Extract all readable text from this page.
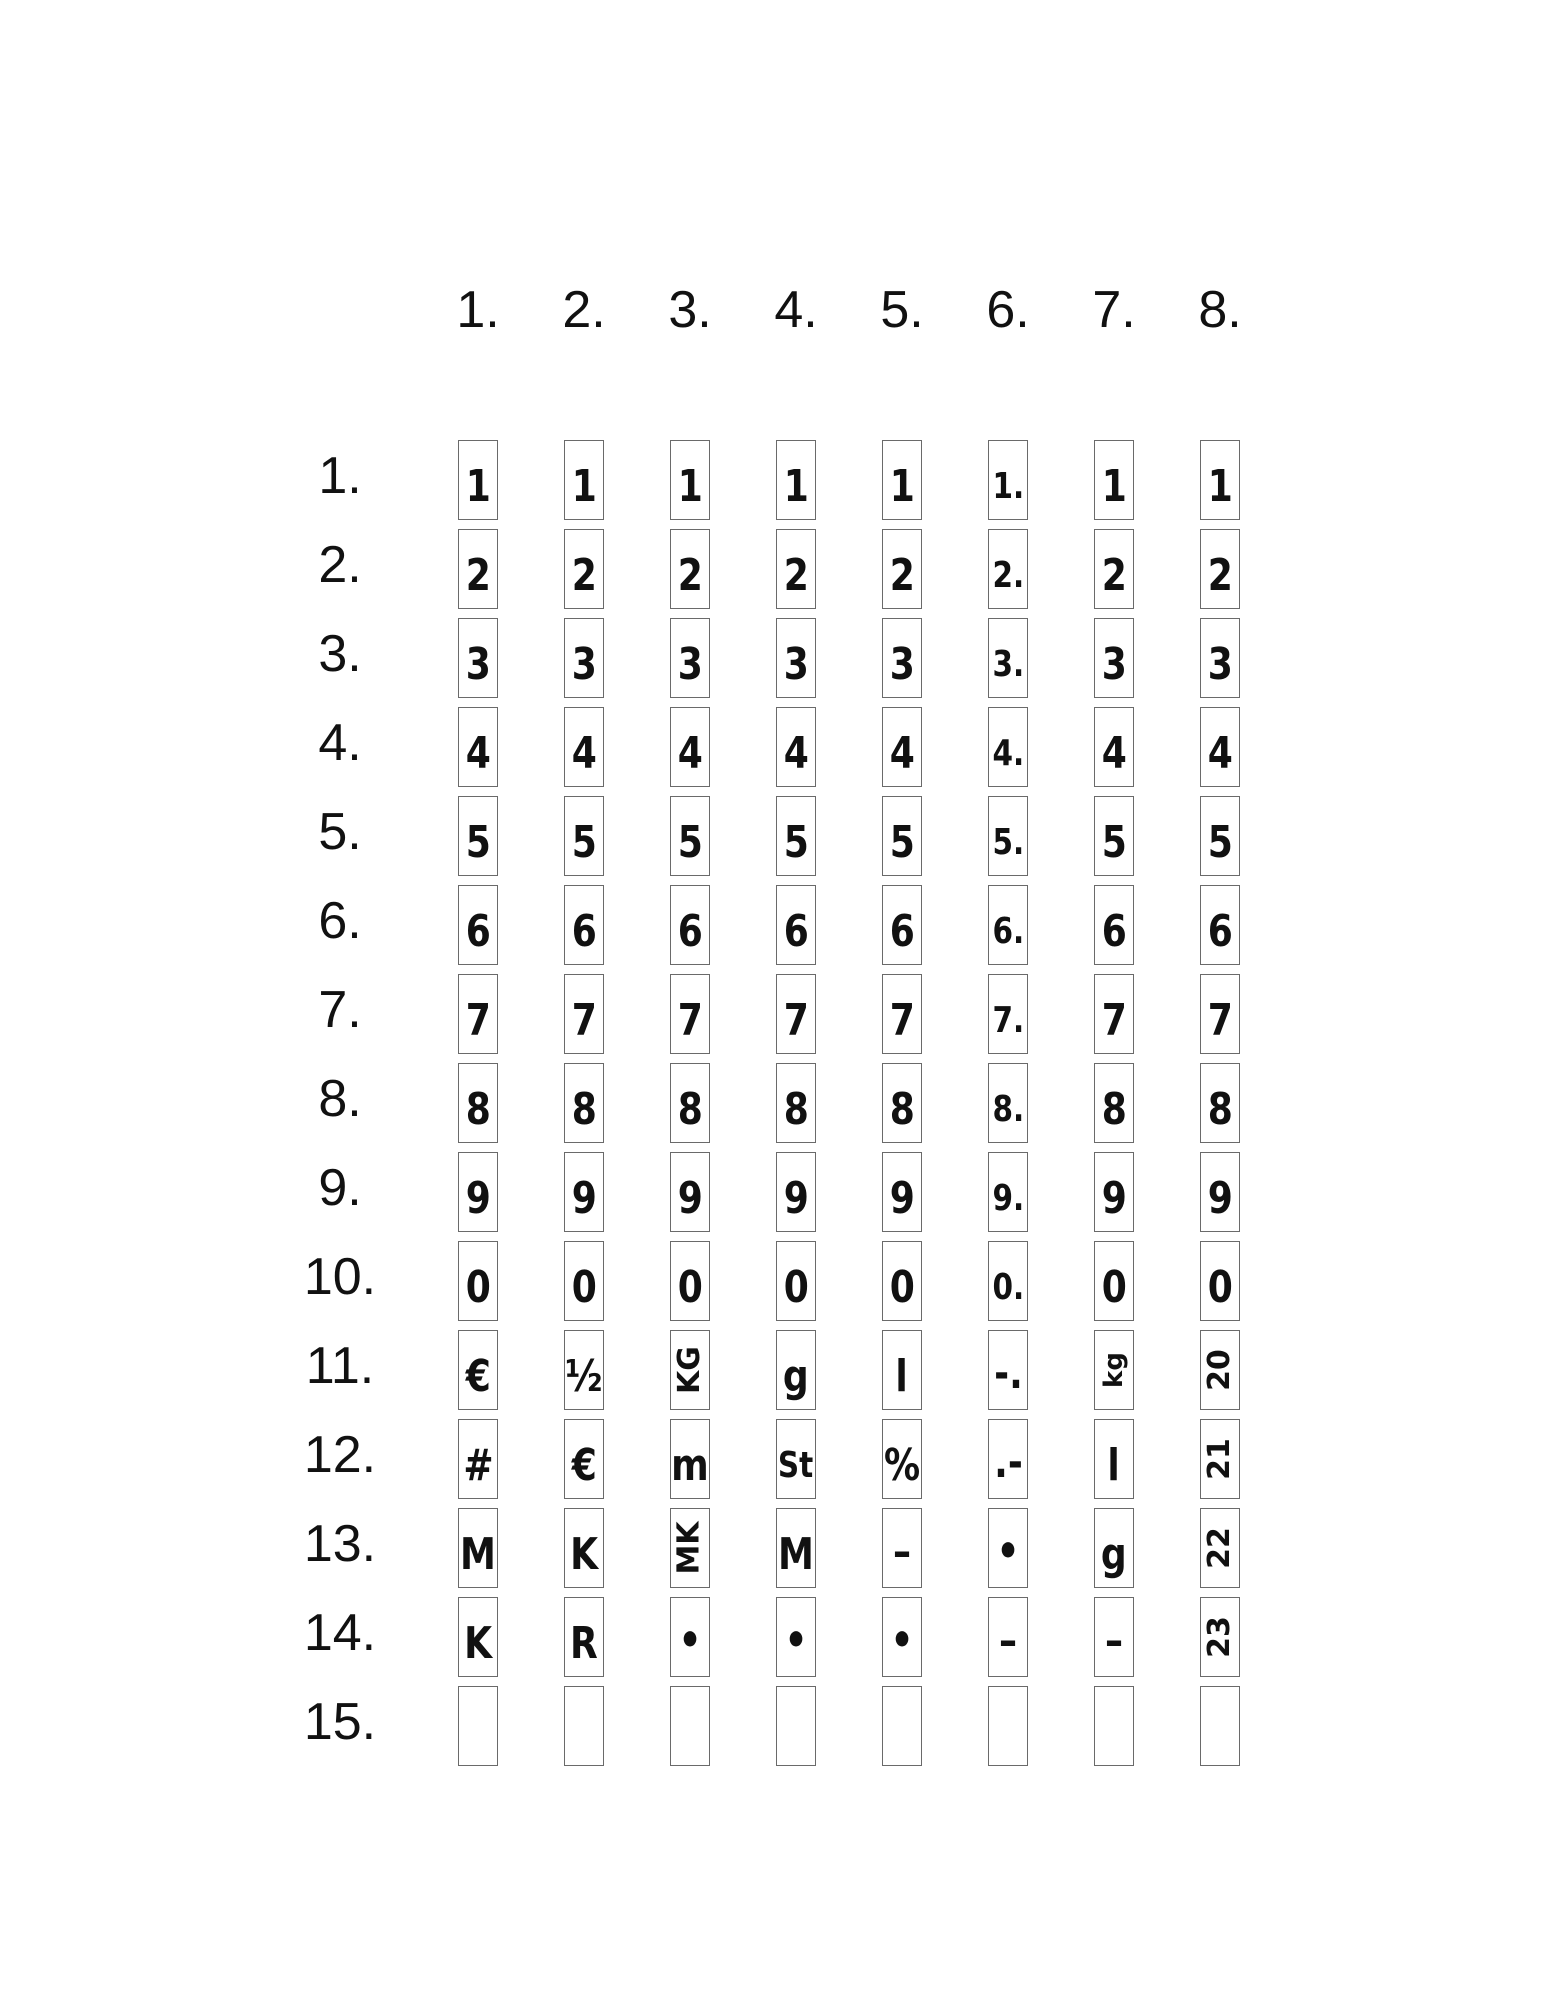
1.	2.	3.	4.	5.	6.	7.	8.
1.	1 1 1 1 1 1. 1 1
2.	2 2 2 2 2 2. 2 2
3.	3 3 3 3 3 3. 3 3
4.	4 4 4 4 4 4. 4 4
5.	5 5 5 5 5 5. 5 5
6.	6 6 6 6 6 6. 6 6
7.	7 7 7 7 7 7. 7 7
8.	8 8 8 8 8 8. 8 8
9.	9 9 9 9 9 9. 9 9
10.	0 0 0 0 0 0. 0 0
11.	€ ½ KG g l -.	kg 20
12.	# € m St % .- l	21
13.	M K MK M – • g	22
14.	K R • • • – –	23
15.
